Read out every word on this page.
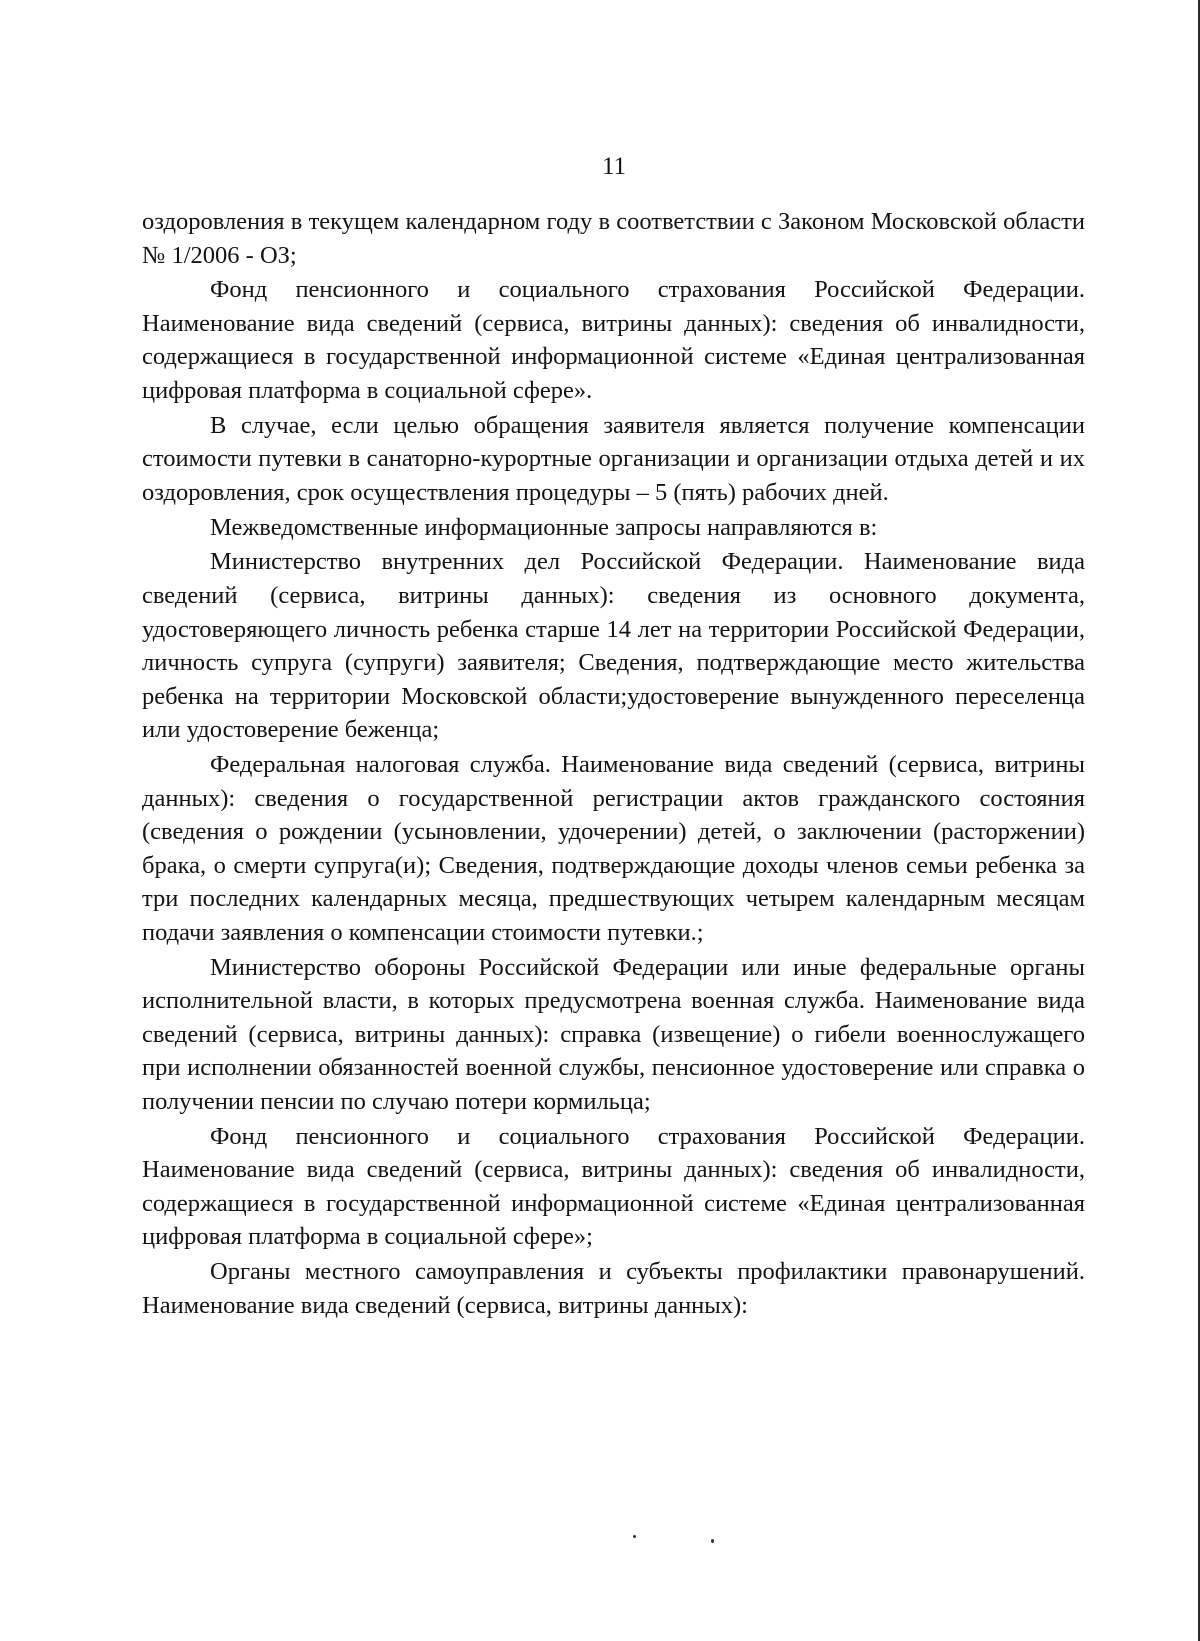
11

оздоровления в текущем календарном году в соответствии с Законом Московской области № 1/2006 - ОЗ;

Фонд пенсионного и социального страхования Российской Федерации. Наименование вида сведений (сервиса, витрины данных): сведения об инвалидности, содержащиеся в государственной информационной системе «Единая централизованная цифровая платформа в социальной сфере».

В случае, если целью обращения заявителя является получение компенсации стоимости путевки в санаторно-курортные организации и организации отдыха детей и их оздоровления, срок осуществления процедуры – 5 (пять) рабочих дней.

Межведомственные информационные запросы направляются в:

Министерство внутренних дел Российской Федерации. Наименование вида сведений (сервиса, витрины данных): сведения из основного документа, удостоверяющего личность ребенка старше 14 лет на территории Российской Федерации, личность супруга (супруги) заявителя; Сведения, подтверждающие место жительства ребенка на территории Московской области;удостоверение вынужденного переселенца или удостоверение беженца;

Федеральная налоговая служба. Наименование вида сведений (сервиса, витрины данных): сведения о государственной регистрации актов гражданского состояния (сведения о рождении (усыновлении, удочерении) детей, о заключении (расторжении) брака, о смерти супруга(и); Сведения, подтверждающие доходы членов семьи ребенка за три последних календарных месяца, предшествующих четырем календарным месяцам подачи заявления о компенсации стоимости путевки.;

Министерство обороны Российской Федерации или иные федеральные органы исполнительной власти, в которых предусмотрена военная служба. Наименование вида сведений (сервиса, витрины данных): справка (извещение) о гибели военнослужащего при исполнении обязанностей военной службы, пенсионное удостоверение или справка о получении пенсии по случаю потери кормильца;

Фонд пенсионного и социального страхования Российской Федерации. Наименование вида сведений (сервиса, витрины данных): сведения об инвалидности, содержащиеся в государственной информационной системе «Единая централизованная цифровая платформа в социальной сфере»;

Органы местного самоуправления и субъекты профилактики правонарушений. Наименование вида сведений (сервиса, витрины данных):
